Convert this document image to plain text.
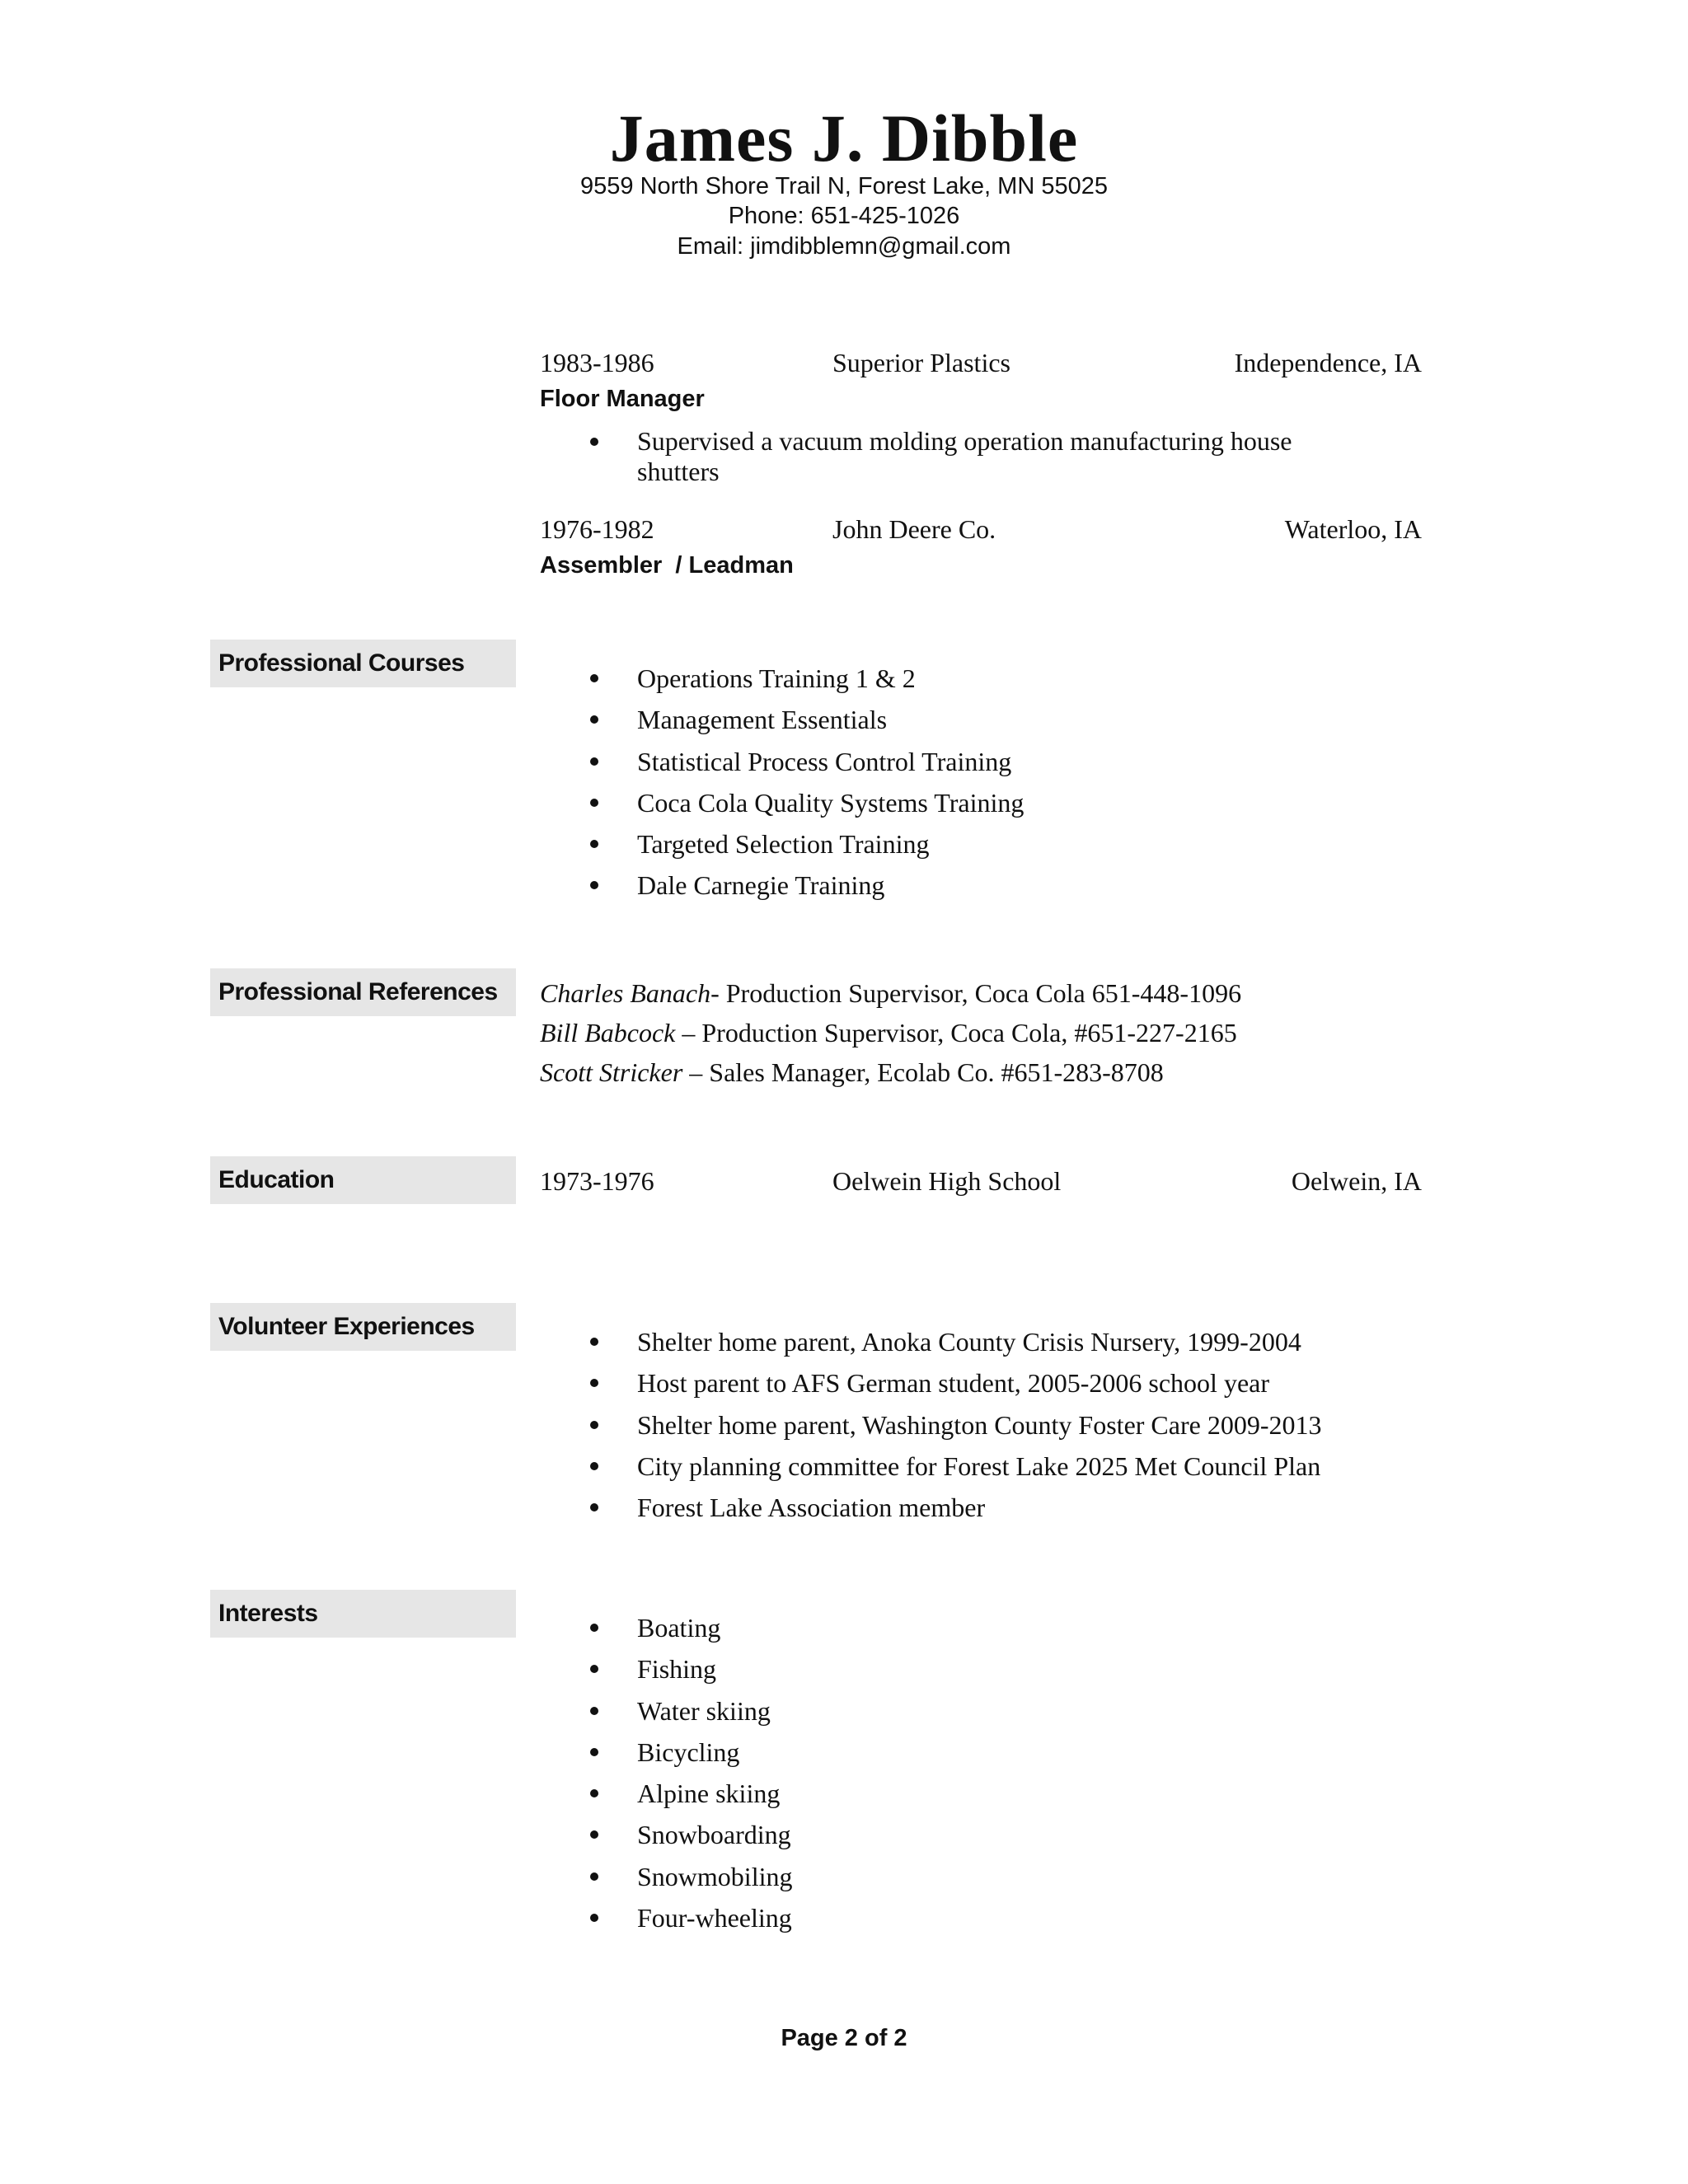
James J. Dibble
9559 North Shore Trail N, Forest Lake, MN 55025
Phone: 651-425-1026
Email: jimdibblemn@gmail.com
1983-1986	Superior Plastics	Independence, IA
Floor Manager
Supervised a vacuum molding operation manufacturing house shutters
1976-1982	John Deere Co.	Waterloo, IA
Assembler  / Leadman
Professional Courses
Operations Training 1 & 2
Management Essentials
Statistical Process Control Training
Coca Cola Quality Systems Training
Targeted Selection Training
Dale Carnegie Training
Professional References	Charles Banach- Production Supervisor, Coca Cola 651-448-1096
Bill Babcock – Production Supervisor, Coca Cola, #651-227-2165
Scott Stricker – Sales Manager, Ecolab Co. #651-283-8708
Education	1973-1976	Oelwein High School	Oelwein, IA
Volunteer Experiences
Shelter home parent, Anoka County Crisis Nursery, 1999-2004
Host parent to AFS German student, 2005-2006 school year
Shelter home parent, Washington County Foster Care 2009-2013
City planning committee for Forest Lake 2025 Met Council Plan
Forest Lake Association member
Interests	Boating
Fishing
Water skiing
Bicycling
Alpine skiing
Snowboarding
Snowmobiling
Four-wheeling
Page 2 of 2
